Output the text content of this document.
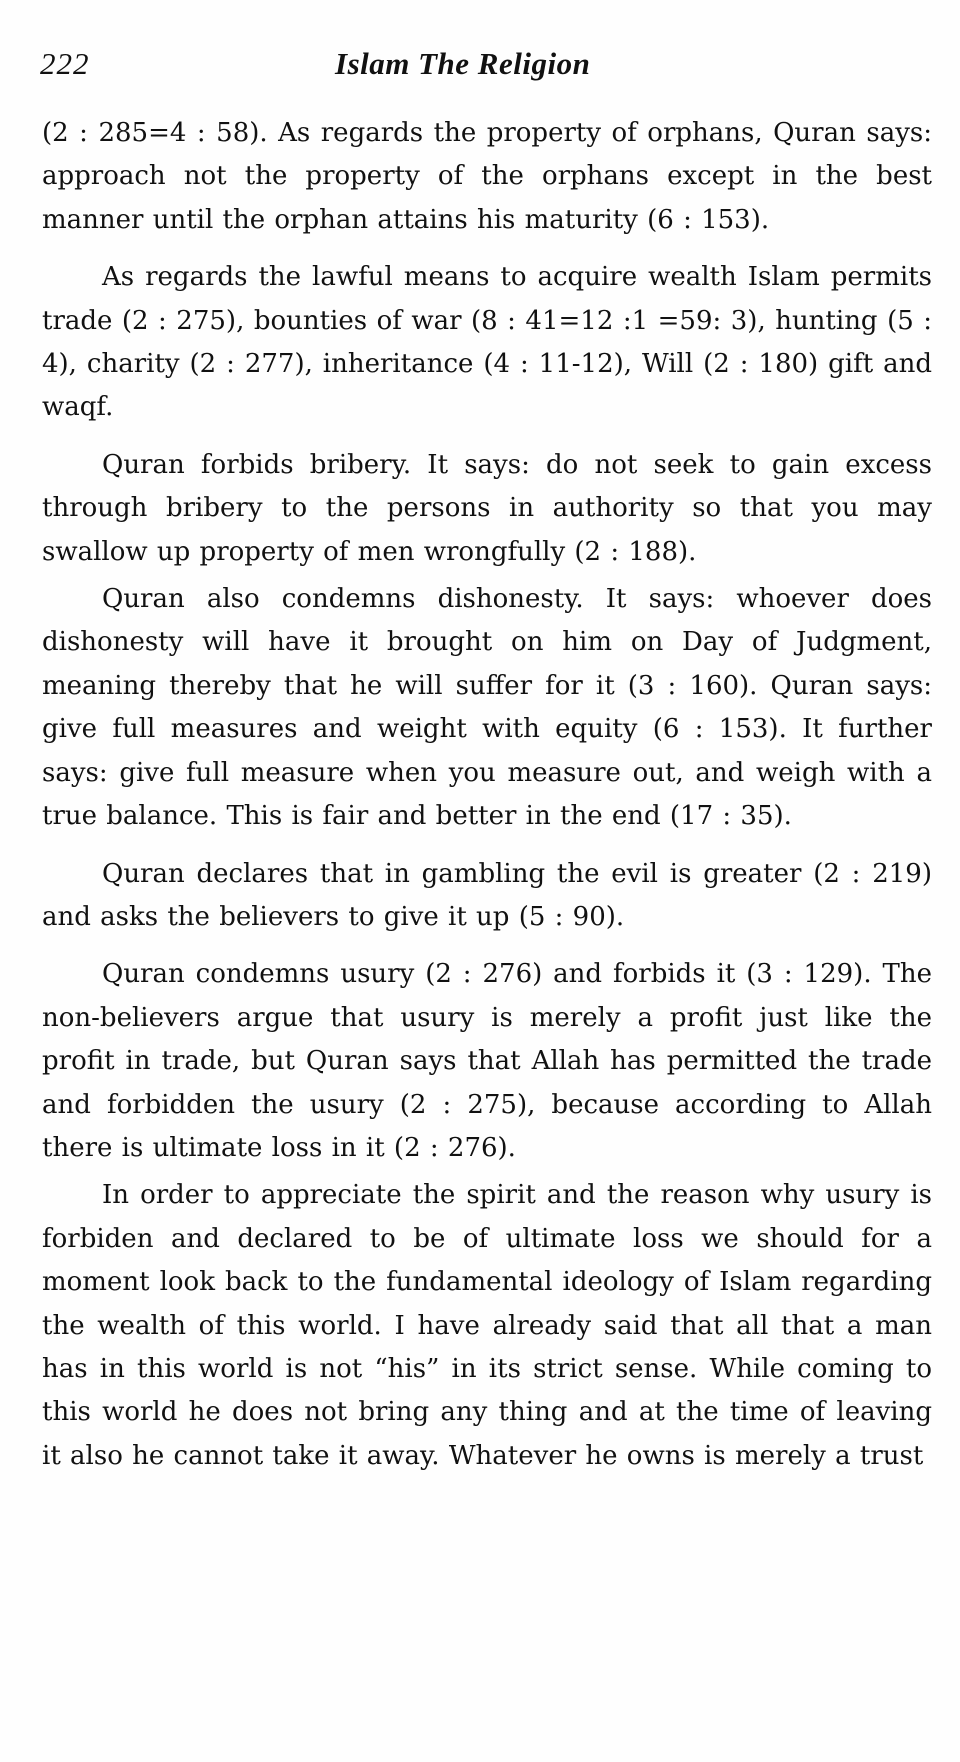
222	Islam The Religion

(2 : 285=4 : 58). As regards the property of orphans, Quran says: approach not the property of the orphans except in the best manner until the orphan attains his maturity (6 : 153).

As regards the lawful means to acquire wealth Islam permits trade (2 : 275), bounties of war (8 : 41=12 :1 =59: 3), hunting (5 : 4), charity (2 : 277), inheritance (4 : 11-12), Will (2 : 180) gift and waqf.

Quran forbids bribery. It says: do not seek to gain excess through bribery to the persons in authority so that you may swallow up property of men wrongfully (2 : 188).

Quran also condemns dishonesty. It says: whoever does dishonesty will have it brought on him on Day of Judgment, meaning thereby that he will suffer for it (3 : 160). Quran says: give full measures and weight with equity (6 : 153). It further says: give full measure when you measure out, and weigh with a true balance. This is fair and better in the end (17 : 35).

Quran declares that in gambling the evil is greater (2 : 219) and asks the believers to give it up (5 : 90).

Quran condemns usury (2 : 276) and forbids it (3 : 129). The non-believers argue that usury is merely a profit just like the profit in trade, but Quran says that Allah has permitted the trade and forbidden the usury (2 : 275), because according to Allah there is ultimate loss in it (2 : 276).

In order to appreciate the spirit and the reason why usury is forbiden and declared to be of ultimate loss we should for a moment look back to the fundamental ideology of Islam regarding the wealth of this world. I have already said that all that a man has in this world is not “his” in its strict sense. While coming to this world he does not bring any thing and at the time of leaving it also he cannot take it away. Whatever he owns is merely a trust
